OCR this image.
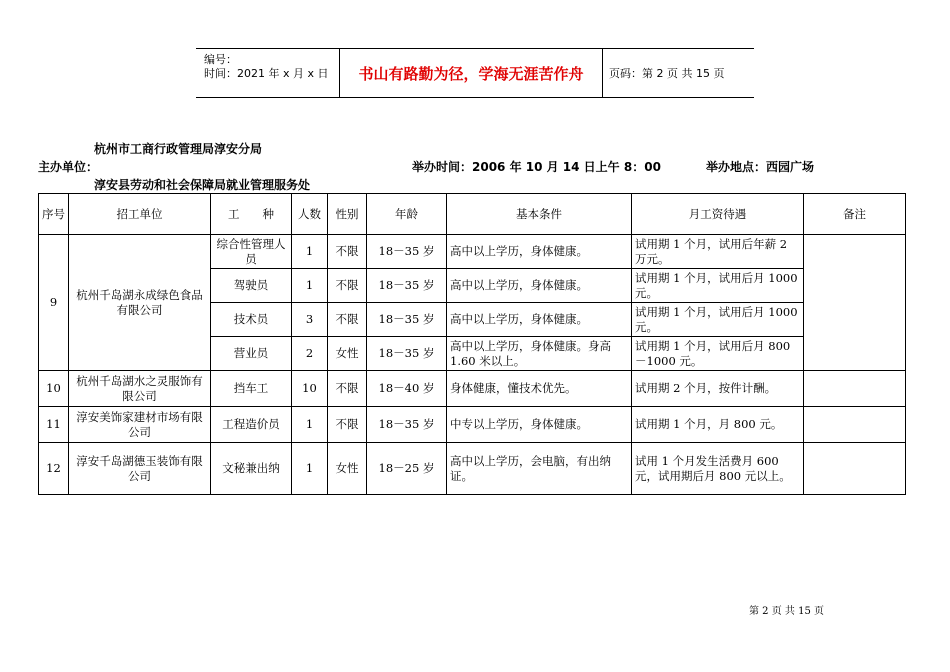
编号：
时间：2021 年 x 月 x 日	书山有路勤为径，学海无涯苦作舟	页码：第 2 页 共 15 页
杭州市工商行政管理局淳安分局
主办单位：	举办时间：2006 年 10 月 14 日上午 8：00	举办地点：西园广场
淳安县劳动和社会保障局就业管理服务处
序号	招工单位	工　　种	人数	性别	年龄	基本条件	月工资待遇	备注
9	杭州千岛湖永成绿色食品有限公司	综合性管理人员	1	不限	18－35 岁	高中以上学历，身体健康。	试用期 1 个月，试用后年薪 2 万元。	
		驾驶员	1	不限	18－35 岁	高中以上学历，身体健康。	试用期 1 个月，试用后月 1000 元。	
		技术员	3	不限	18－35 岁	高中以上学历，身体健康。	试用期 1 个月，试用后月 1000 元。	
		营业员	2	女性	18－35 岁	高中以上学历，身体健康。身高 1.60 米以上。	试用期 1 个月，试用后月 800－1000 元。	
10	杭州千岛湖水之灵服饰有限公司	挡车工	10	不限	18－40 岁	身体健康，懂技术优先。	试用期 2 个月，按件计酬。	
11	淳安美饰家建材市场有限公司	工程造价员	1	不限	18－35 岁	中专以上学历，身体健康。	试用期 1 个月，月 800 元。	
12	淳安千岛湖德玉装饰有限公司	文秘兼出纳	1	女性	18－25 岁	高中以上学历，会电脑，有出纳证。	试用 1 个月发生活费月 600 元，试用期后月 800 元以上。	
第 2 页 共 15 页
